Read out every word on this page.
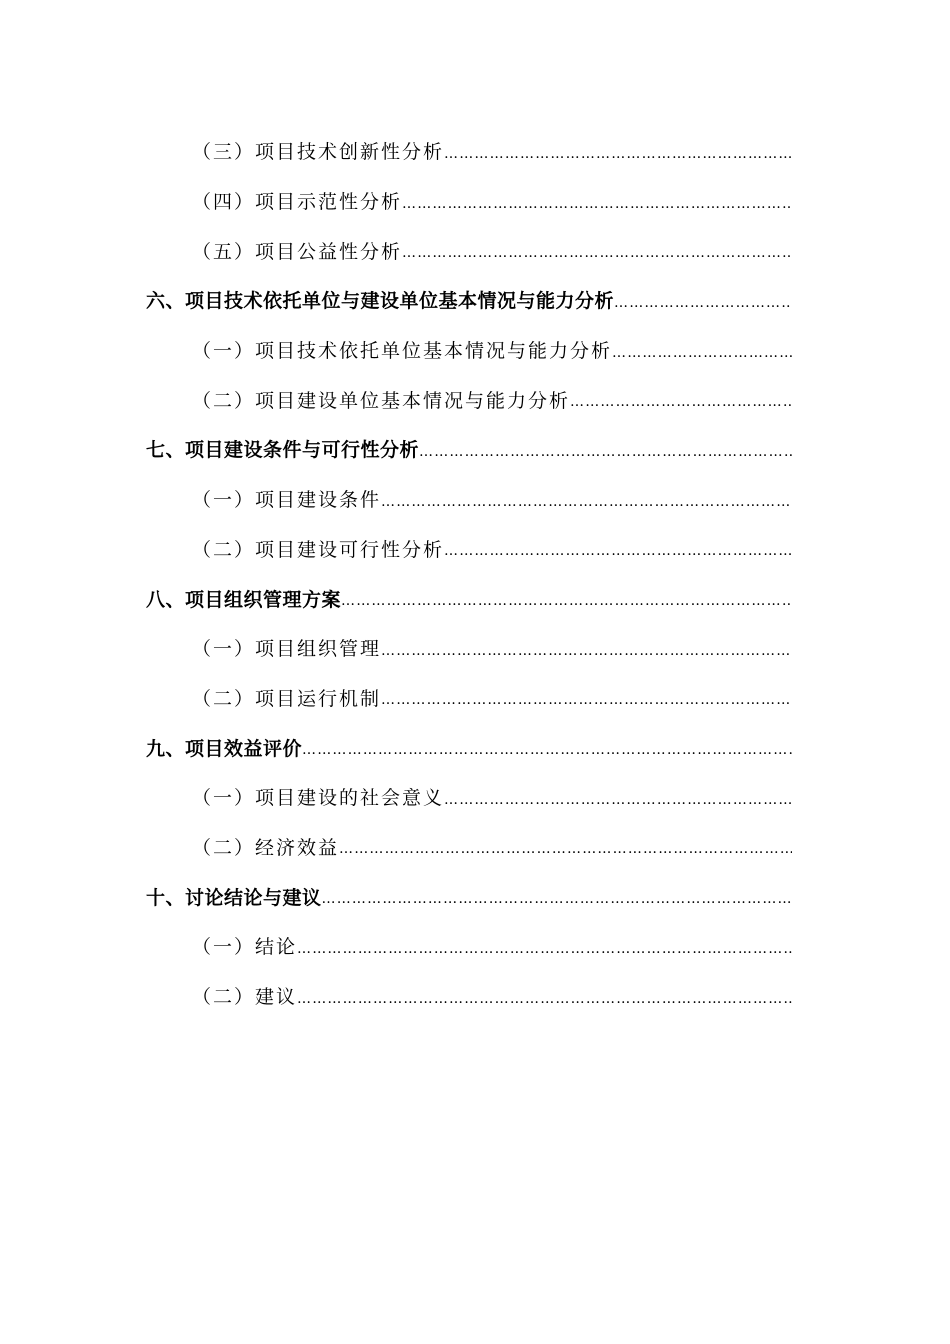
（三）项目技术创新性分析
……………………………………………………………………………………………………………………………………………………………………
（四）项目示范性分析
……………………………………………………………………………………………………………………………………………………………………
（五）项目公益性分析
……………………………………………………………………………………………………………………………………………………………………
六、项目技术依托单位与建设单位基本情况与能力分析
……………………………………………………………………………………………………………………………………………………………………
（一）项目技术依托单位基本情况与能力分析
……………………………………………………………………………………………………………………………………………………………………
（二）项目建设单位基本情况与能力分析
……………………………………………………………………………………………………………………………………………………………………
七、项目建设条件与可行性分析
……………………………………………………………………………………………………………………………………………………………………
（一）项目建设条件
……………………………………………………………………………………………………………………………………………………………………
（二）项目建设可行性分析
……………………………………………………………………………………………………………………………………………………………………
八、项目组织管理方案
……………………………………………………………………………………………………………………………………………………………………
（一）项目组织管理
……………………………………………………………………………………………………………………………………………………………………
（二）项目运行机制
……………………………………………………………………………………………………………………………………………………………………
九、项目效益评价
……………………………………………………………………………………………………………………………………………………………………
（一）项目建设的社会意义
……………………………………………………………………………………………………………………………………………………………………
（二）经济效益
……………………………………………………………………………………………………………………………………………………………………
十、讨论结论与建议
……………………………………………………………………………………………………………………………………………………………………
（一）结论
……………………………………………………………………………………………………………………………………………………………………
（二）建议
……………………………………………………………………………………………………………………………………………………………………
